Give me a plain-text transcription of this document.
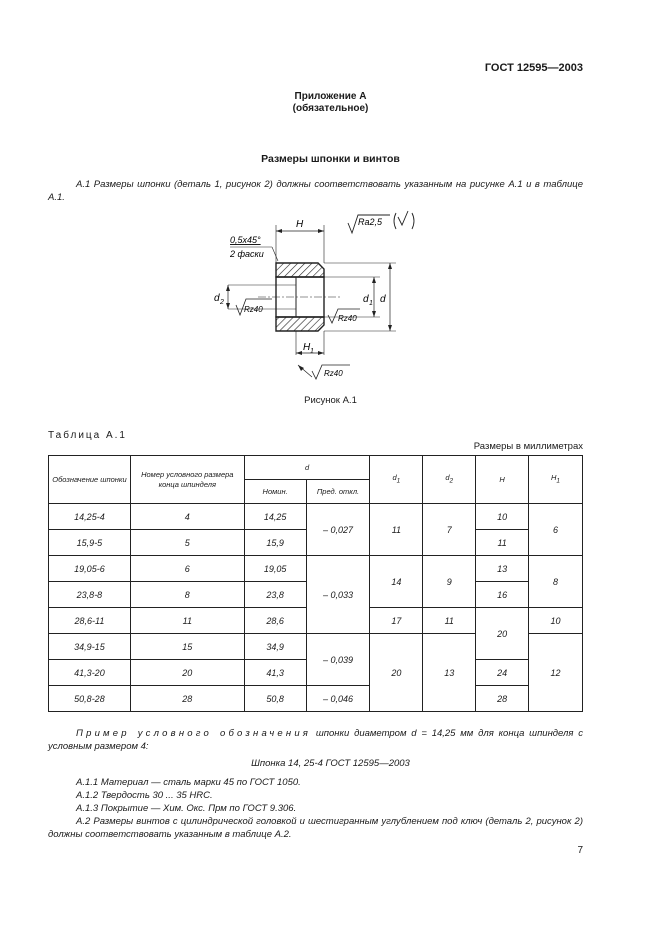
ГОСТ 12595—2003
Приложение А
(обязательное)
Размеры шпонки и винтов
А.1 Размеры шпонки (деталь 1, рисунок 2) должны соответствовать указанным на рисунке А.1 и в таблице А.1.
d
d 1
d 2
H
H 1
0,5х45°
2 фаски
Ra2,5
Rz40
Rz40
Rz40
Рисунок А.1
Таблица А.1
Размеры в миллиметрах
Обозначение шпонки	Номер условного размера конца шпинделя	d		$d_1$	$d_2$	H	$H_1$
		Номин.	Пред. откл.				
14,25-4	4	14,25	– 0,027	11	7	10	6
15,9-5	5	15,9				11	
19,05-6	6	19,05	– 0,033	14	9	13	8
23,8-8	8	23,8				16	
28,6-11	11	28,6		17	11	20	10
34,9-15	15	34,9	– 0,039	20	13		12
41,3-20	20	41,3				24	
50,8-28	28	50,8	– 0,046			28	
Пример условного обозначения шпонки диаметром d = 14,25 мм для конца шпинделя с условным размером 4:
Шпонка 14, 25-4 ГОСТ 12595—2003
А.1.1 Материал — сталь марки 45 по ГОСТ 1050.
А.1.2 Твердость 30 ... 35 HRC.
А.1.3 Покрытие — Хим. Окс. Прм по ГОСТ 9.306.
А.2 Размеры винтов с цилиндрической головкой и шестигранным углублением под ключ (деталь 2, рисунок 2) должны соответствовать указанным в таблице А.2.
7
